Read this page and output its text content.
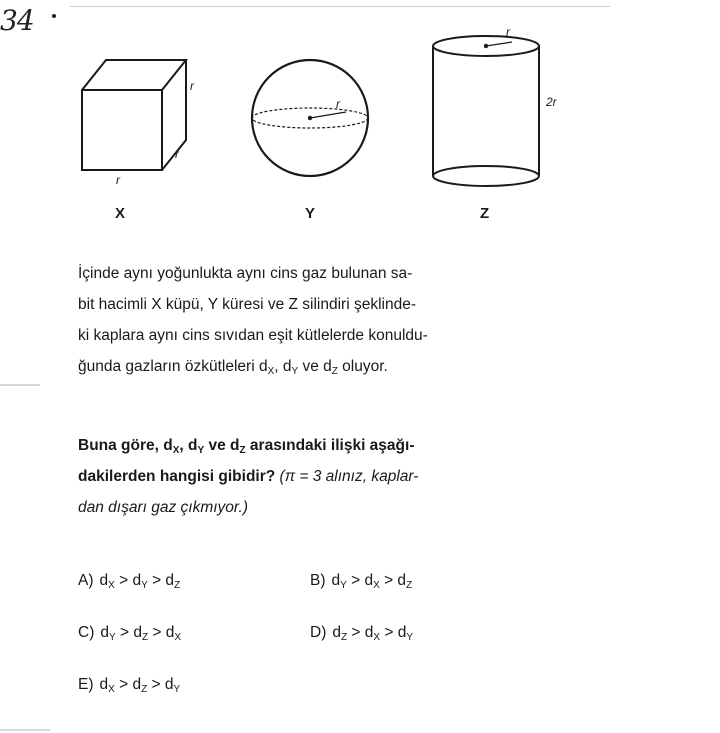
34
r
r
r
X
r
Y
r
2r
Z
İçinde aynı yoğunlukta aynı cins gaz bulunan sa-
bit hacimli X küpü, Y küresi ve Z silindiri şeklinde-
ki kaplara aynı cins sıvıdan eşit kütlelerde konuldu-
ğunda gazların özkütleleri $d_X$, $d_Y$ ve $d_Z$ oluyor.
Buna göre, $d_X$, $d_Y$ ve $d_Z$ arasındaki ilişki aşağı-
dakilerden hangisi gibidir? (π = 3 alınız, kaplar-
dan dışarı gaz çıkmıyor.)
A) $d_X > d_Y > d_Z$	B) $d_Y > d_X > d_Z$
C) $d_Y > d_Z > d_X$	D) $d_Z > d_X > d_Y$
E) $d_X > d_Z > d_Y$
